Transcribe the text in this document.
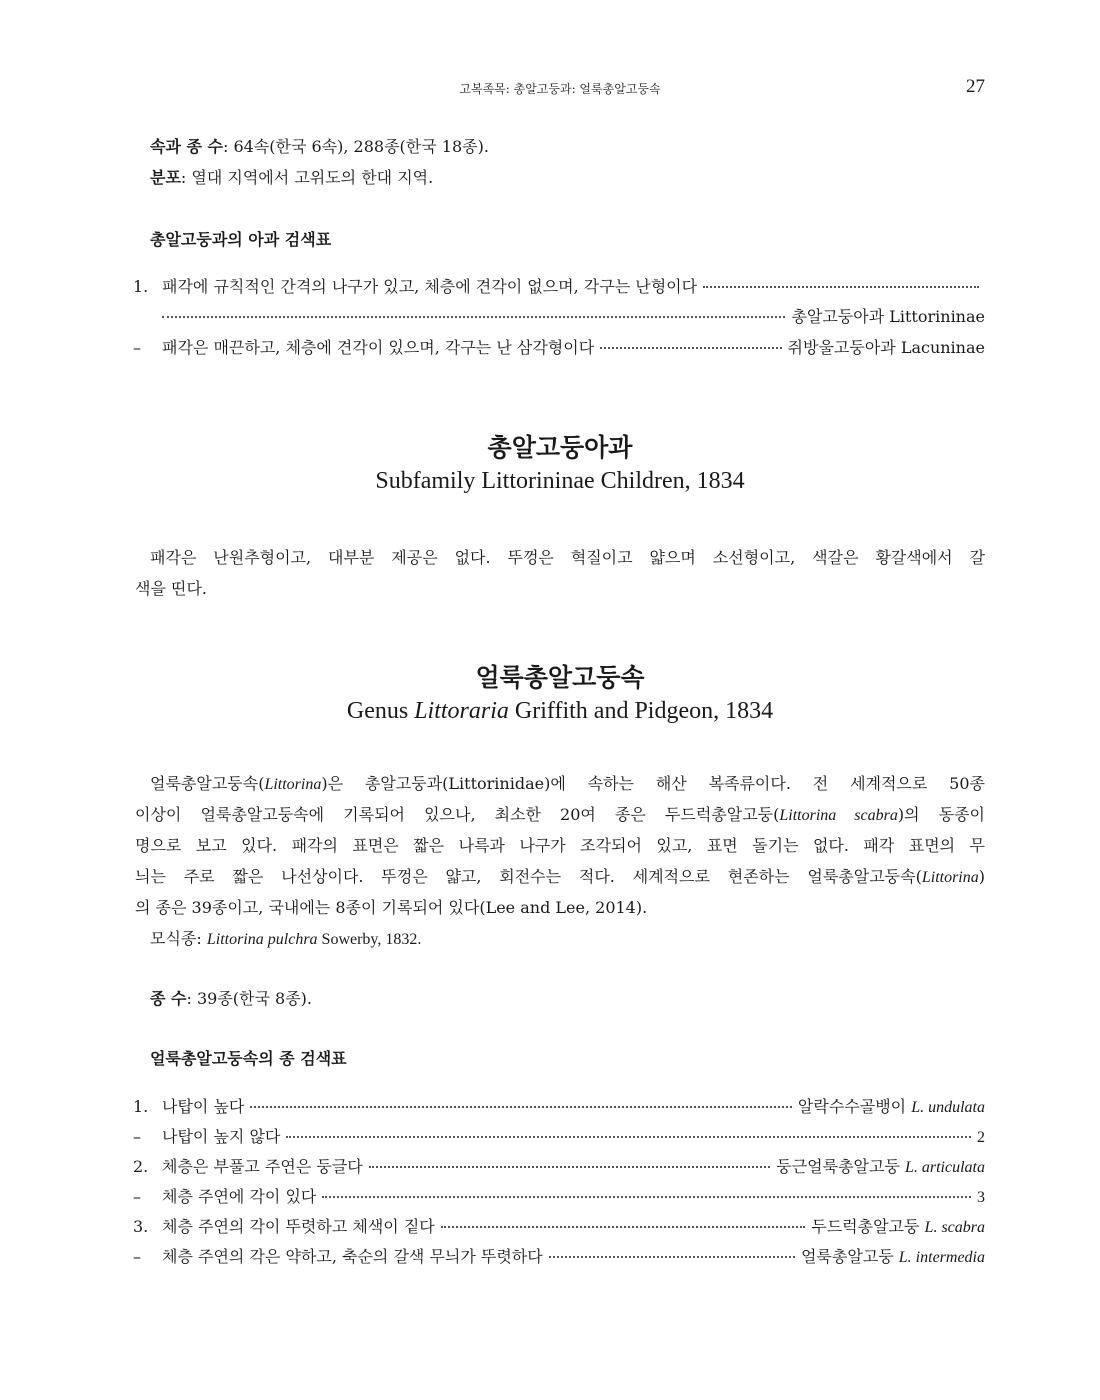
고복족목: 총알고둥과: 얼룩총알고둥속	27
속과 종 수: 64속(한국 6속), 288종(한국 18종).
분포: 열대 지역에서 고위도의 한대 지역.
총알고둥과의 아과 검색표
1. 패각에 규칙적인 간격의 나구가 있고, 체층에 견각이 없으며, 각구는 난형이다
총알고둥아과 Littorininae
–	패각은 매끈하고, 체층에 견각이 있으며, 각구는 난 삼각형이다	쥐방울고둥아과 Lacuninae
총알고둥아과
Subfamily Littorininae Children, 1834
패각은 난원추형이고, 대부분 제공은 없다. 뚜껑은 혁질이고 얇으며 소선형이고, 색갈은 황갈색에서 갈
색을 띤다.
얼룩총알고둥속
Genus Littoraria Griffith and Pidgeon, 1834
얼룩총알고둥속(Littorina)은 총알고둥과(Littorinidae)에 속하는 해산 복족류이다. 전 세계적으로 50종
이상이 얼룩총알고둥속에 기록되어 있으나, 최소한 20여 종은 두드럭총알고둥(Littorina scabra)의 동종이
명으로 보고 있다. 패각의 표면은 짧은 나륵과 나구가 조각되어 있고, 표면 돌기는 없다. 패각 표면의 무
늬는 주로 짧은 나선상이다. 뚜껑은 얇고, 회전수는 적다. 세계적으로 현존하는 얼룩총알고둥속(Littorina)
의 종은 39종이고, 국내에는 8종이 기록되어 있다(Lee and Lee, 2014).
모식종: Littorina pulchra Sowerby, 1832.
종 수: 39종(한국 8종).
얼룩총알고둥속의 종 검색표
1. 나탑이 높다	알락수수골뱅이 L. undulata
–	나탑이 높지 않다	2
2. 체층은 부풀고 주연은 둥글다	둥근얼룩총알고둥 L. articulata
–	체층 주연에 각이 있다	3
3. 체층 주연의 각이 뚜렷하고 체색이 짙다	두드럭총알고둥 L. scabra
–	체층 주연의 각은 약하고, 축순의 갈색 무늬가 뚜렷하다	얼룩총알고둥 L. intermedia
